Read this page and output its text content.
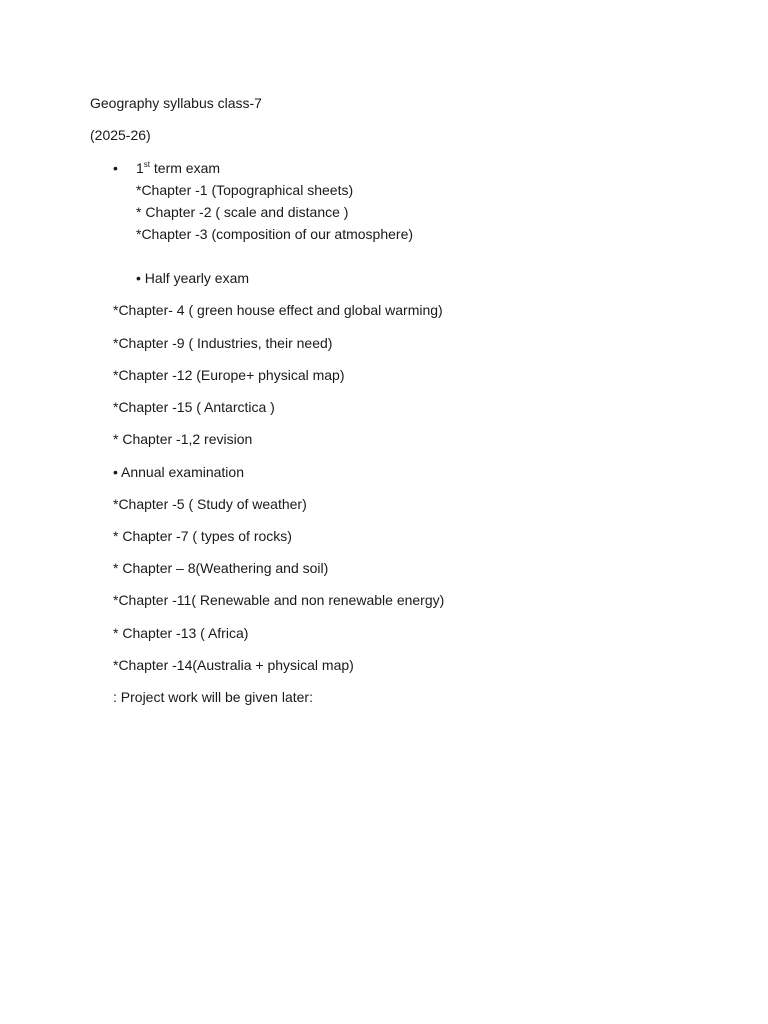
Geography syllabus class-7
(2025-26)
• 1st term exam
*Chapter -1 (Topographical sheets)
* Chapter -2 ( scale and distance )
*Chapter -3 (composition of our atmosphere)
• Half yearly exam
*Chapter- 4 ( green house effect and global warming)
*Chapter -9 ( Industries, their need)
*Chapter -12 (Europe+ physical map)
*Chapter -15 ( Antarctica )
* Chapter -1,2 revision
• Annual examination
*Chapter -5 ( Study of weather)
* Chapter -7 ( types of rocks)
* Chapter – 8(Weathering and soil)
*Chapter -11( Renewable and non renewable energy)
* Chapter -13 ( Africa)
*Chapter -14(Australia + physical map)
: Project work will be given later:
